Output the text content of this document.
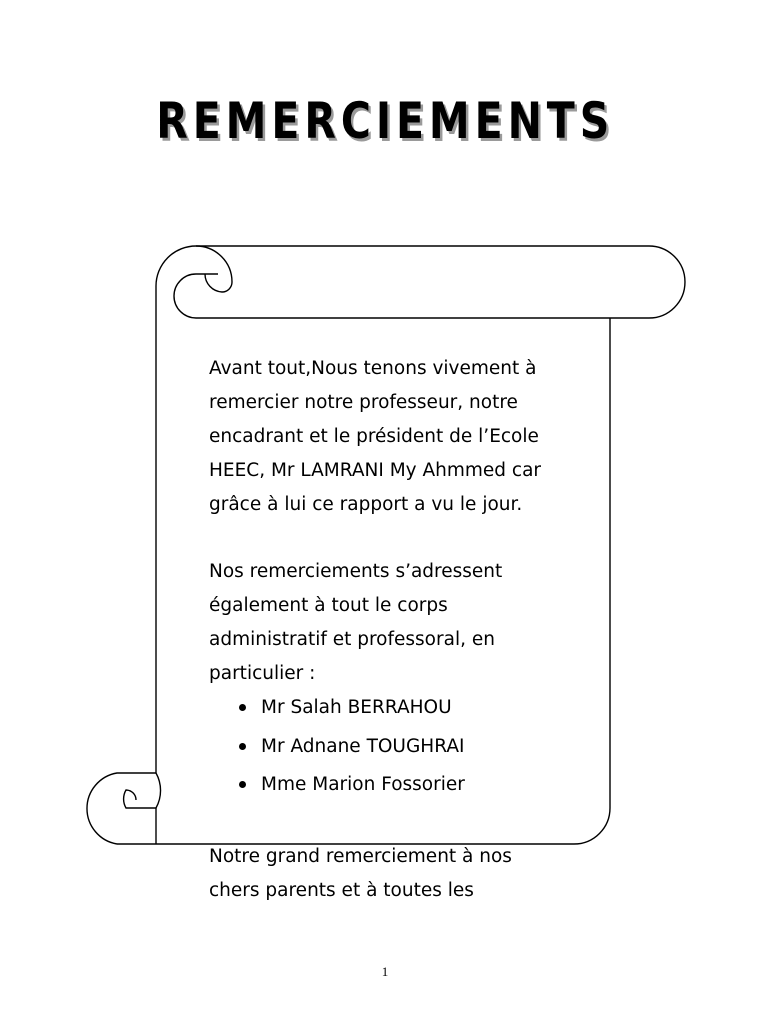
REMERCIEMENTS
Avant tout,Nous tenons vivement à
remercier notre professeur, notre
encadrant et le président de l’Ecole
HEEC, Mr LAMRANI My Ahmmed car
grâce à lui ce rapport a vu le jour.
Nos remerciements s’adressent
également à tout le corps
administratif et professoral, en
particulier :
Mr Salah BERRAHOU
Mr Adnane TOUGHRAI
Mme Marion Fossorier
Notre grand remerciement à nos
chers parents et à toutes les
1
